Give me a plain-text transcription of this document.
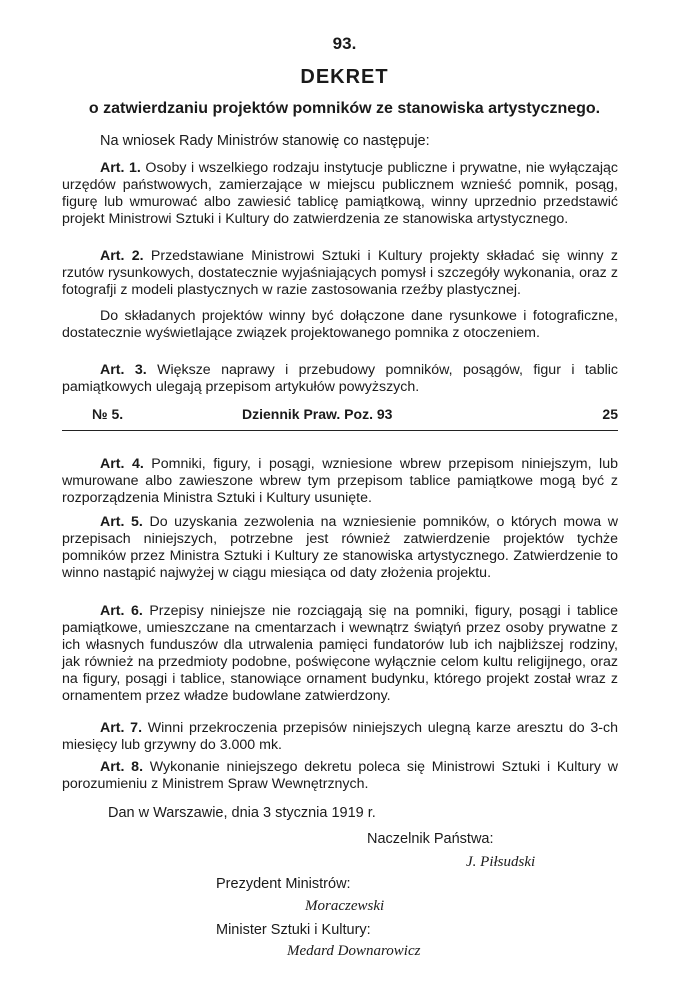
93.
DEKRET
o zatwierdzaniu projektów pomników ze stanowiska artystycznego.
Na wniosek Rady Ministrów stanowię co następuje:
Art. 1. Osoby i wszelkiego rodzaju instytucje publiczne i prywatne, nie wyłączając urzędów państwowych, zamierzające w miejscu publicznem wznieść pomnik, posąg, figurę lub wmurować albo zawiesić tablicę pamiątkową, winny uprzednio przedstawić projekt Ministrowi Sztuki i Kultury do zatwierdzenia ze stanowiska artystycznego.
Art. 2. Przedstawiane Ministrowi Sztuki i Kultury projekty składać się winny z rzutów rysunkowych, dostatecznie wyjaśniających pomysł i szczegóły wykonania, oraz z fotografji z modeli plastycznych w razie zastosowania rzeźby plastycznej.
Do składanych projektów winny być dołączone dane rysunkowe i fotograficzne, dostatecznie wyświetlające związek projektowanego pomnika z otoczeniem.
Art. 3. Większe naprawy i przebudowy pomników, posągów, figur i tablic pamiątkowych ulegają przepisom artykułów powyższych.
№ 5.	Dziennik Praw. Poz. 93	25
Art. 4. Pomniki, figury, i posągi, wzniesione wbrew przepisom niniejszym, lub wmurowane albo zawieszone wbrew tym przepisom tablice pamiątkowe mogą być z rozporządzenia Ministra Sztuki i Kultury usunięte.
Art. 5. Do uzyskania zezwolenia na wzniesienie pomników, o których mowa w przepisach niniejszych, potrzebne jest również zatwierdzenie projektów tychże pomników przez Ministra Sztuki i Kultury ze stanowiska artystycznego. Zatwierdzenie to winno nastąpić najwyżej w ciągu miesiąca od daty złożenia projektu.
Art. 6. Przepisy niniejsze nie rozciągają się na pomniki, figury, posągi i tablice pamiątkowe, umieszczane na cmentarzach i wewnątrz świątyń przez osoby prywatne z ich własnych funduszów dla utrwalenia pamięci fundatorów lub ich najbliższej rodziny, jak również na przedmioty podobne, poświęcone wyłącznie celom kultu religijnego, oraz na figury, posągi i tablice, stanowiące ornament budynku, którego projekt został wraz z ornamentem przez władze budowlane zatwierdzony.
Art. 7. Winni przekroczenia przepisów niniejszych ulegną karze aresztu do 3-ch miesięcy lub grzywny do 3.000 mk.
Art. 8. Wykonanie niniejszego dekretu poleca się Ministrowi Sztuki i Kultury w porozumieniu z Ministrem Spraw Wewnętrznych.
Dan w Warszawie, dnia 3 stycznia 1919 r.
Naczelnik Państwa:
J. Piłsudski
Prezydent Ministrów:
Moraczewski
Minister Sztuki i Kultury:
Medard Downarowicz
